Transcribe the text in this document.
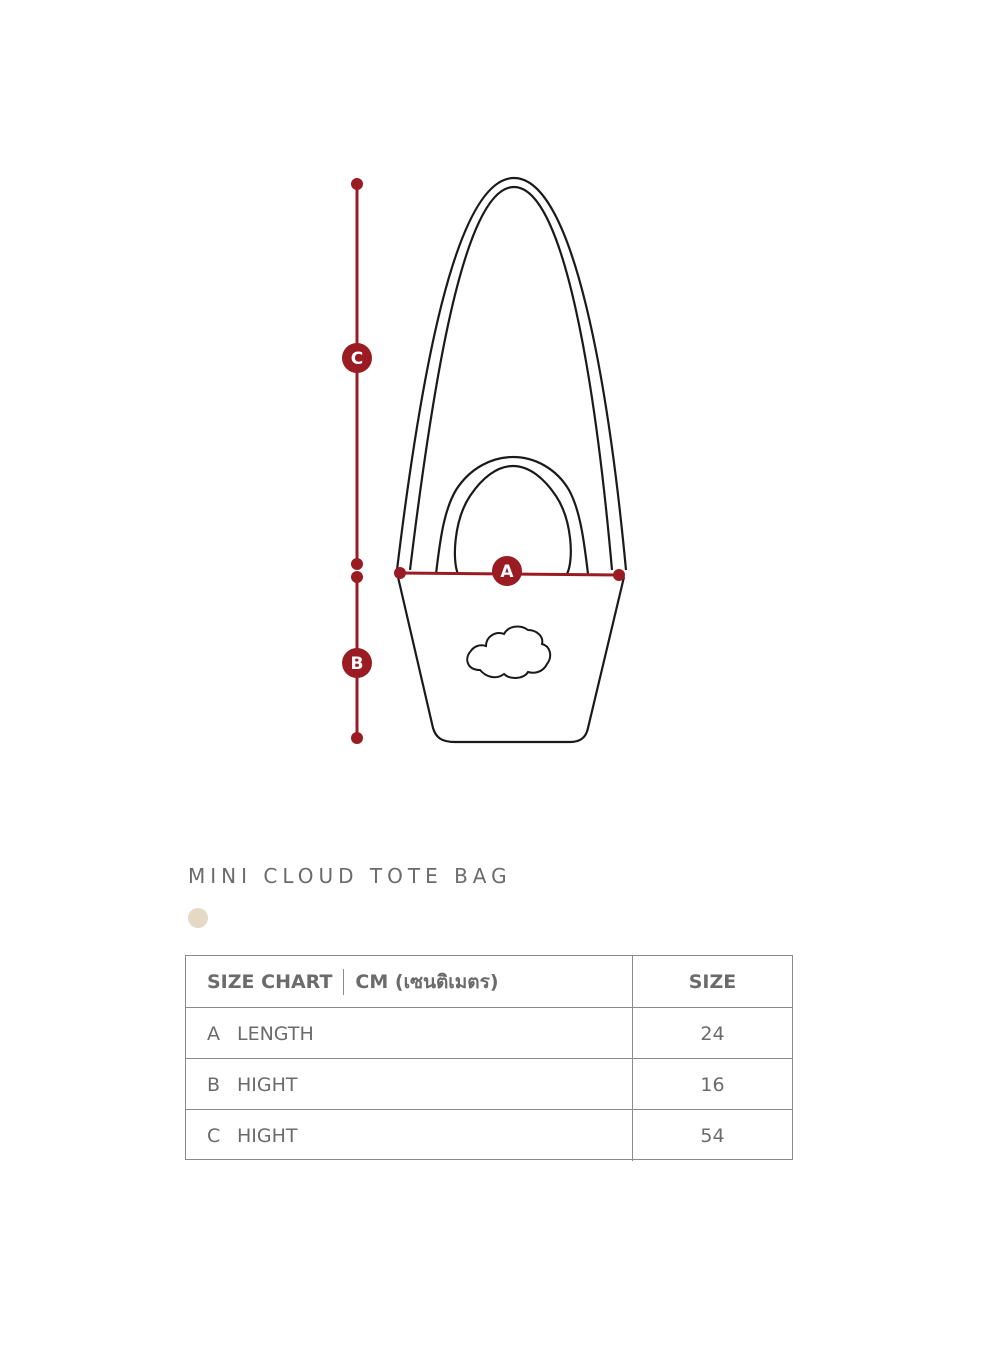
A
C
B
MINI CLOUD TOTE BAG
SIZE CHART CM (เซนติเมตร)	SIZE
A LENGTH	24
B HIGHT	16
C HIGHT	54
